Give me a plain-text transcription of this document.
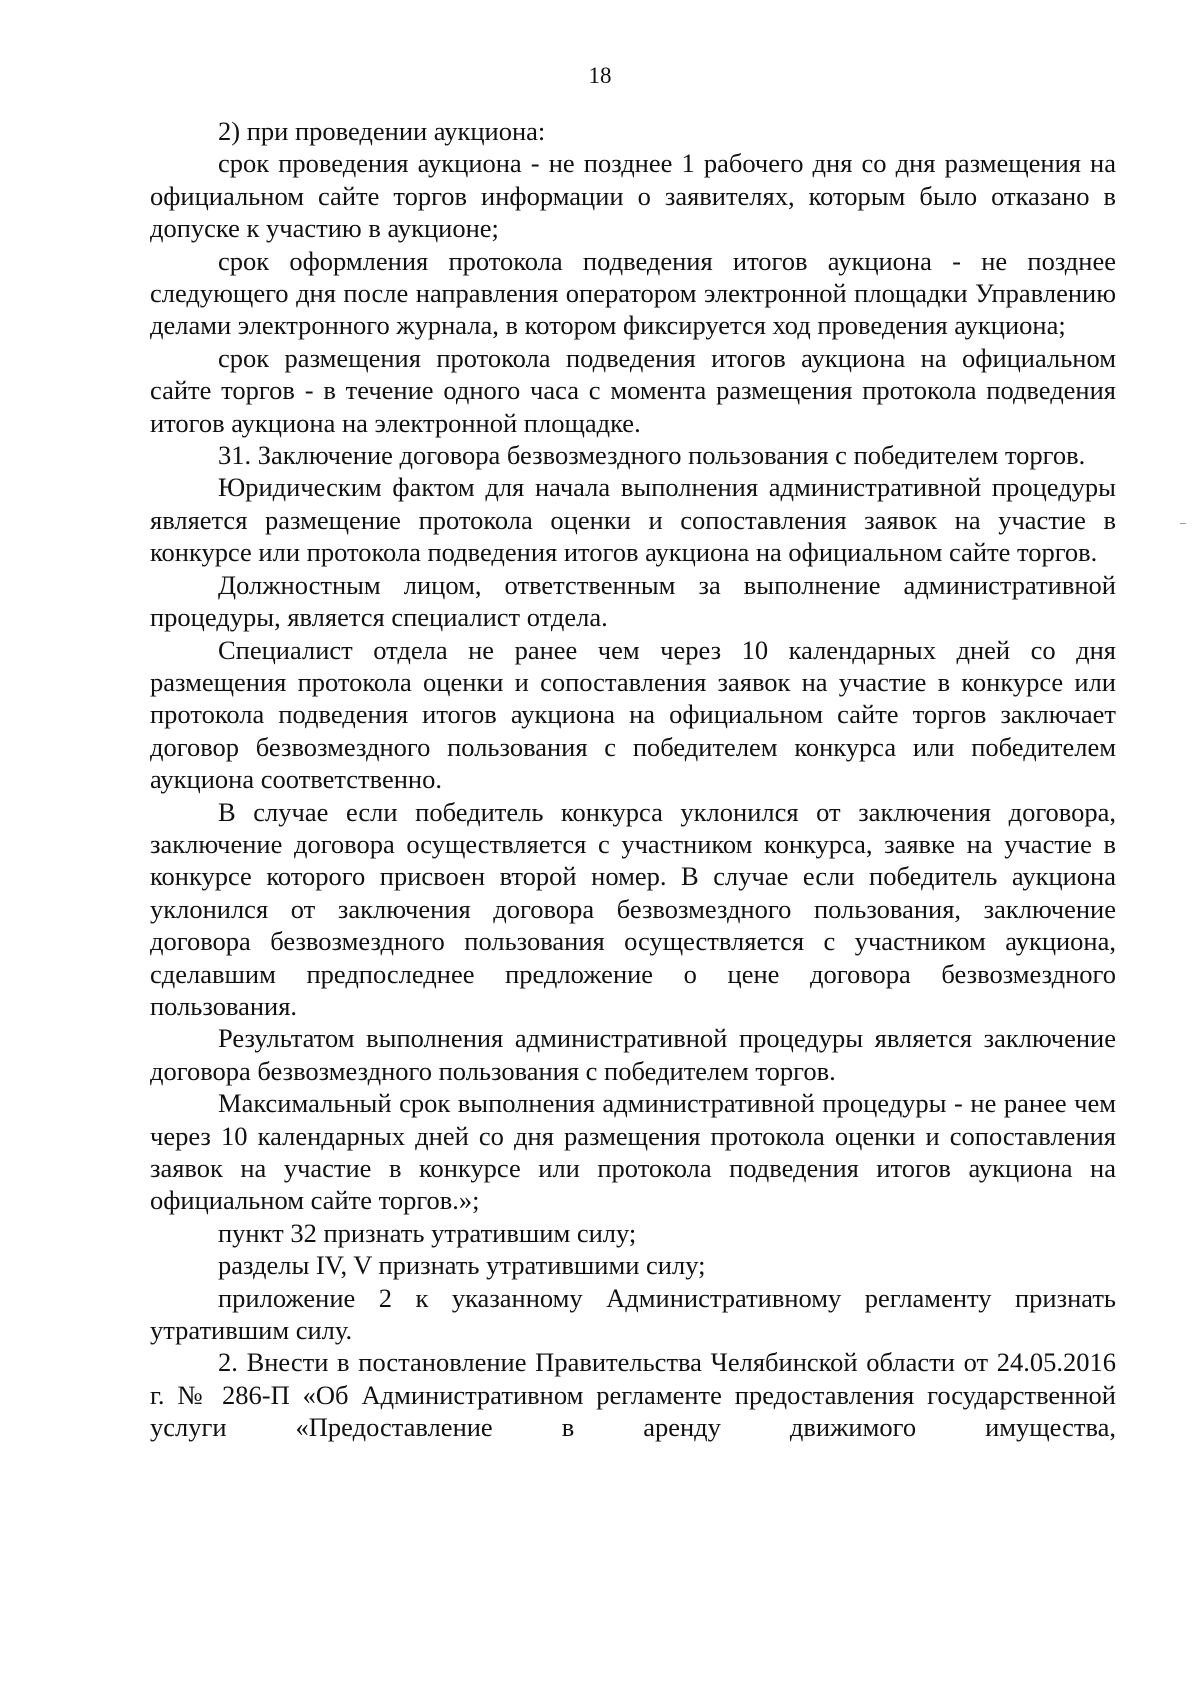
18

2) при проведении аукциона:

срок проведения аукциона - не позднее 1 рабочего дня со дня размещения на официальном сайте торгов информации о заявителях, которым было отказано в допуске к участию в аукционе;

срок оформления протокола подведения итогов аукциона - не позднее следующего дня после направления оператором электронной площадки Управлению делами электронного журнала, в котором фиксируется ход проведения аукциона;

срок размещения протокола подведения итогов аукциона на официальном сайте торгов - в течение одного часа с момента размещения протокола подведения итогов аукциона на электронной площадке.

31. Заключение договора безвозмездного пользования с победителем торгов.

Юридическим фактом для начала выполнения административной процедуры является размещение протокола оценки и сопоставления заявок на участие в конкурсе или протокола подведения итогов аукциона на официальном сайте торгов.

Должностным лицом, ответственным за выполнение административной процедуры, является специалист отдела.

Специалист отдела не ранее чем через 10 календарных дней со дня размещения протокола оценки и сопоставления заявок на участие в конкурсе или протокола подведения итогов аукциона на официальном сайте торгов заключает договор безвозмездного пользования с победителем конкурса или победителем аукциона соответственно.

В случае если победитель конкурса уклонился от заключения договора, заключение договора осуществляется с участником конкурса, заявке на участие в конкурсе которого присвоен второй номер. В случае если победитель аукциона уклонился от заключения договора безвозмездного пользования, заключение договора безвозмездного пользования осуществляется с участником аукциона, сделавшим предпоследнее предложение о цене договора безвозмездного пользования.

Результатом выполнения административной процедуры является заключение договора безвозмездного пользования с победителем торгов.

Максимальный срок выполнения административной процедуры - не ранее чем через 10 календарных дней со дня размещения протокола оценки и сопоставления заявок на участие в конкурсе или протокола подведения итогов аукциона на официальном сайте торгов.»;

пункт 32 признать утратившим силу;

разделы IV, V признать утратившими силу;

приложение 2 к указанному Административному регламенту признать утратившим силу.

2. Внести в постановление Правительства Челябинской области от 24.05.2016 г. № 286-П «Об Административном регламенте предоставления государственной услуги «Предоставление в аренду движимого имущества,
